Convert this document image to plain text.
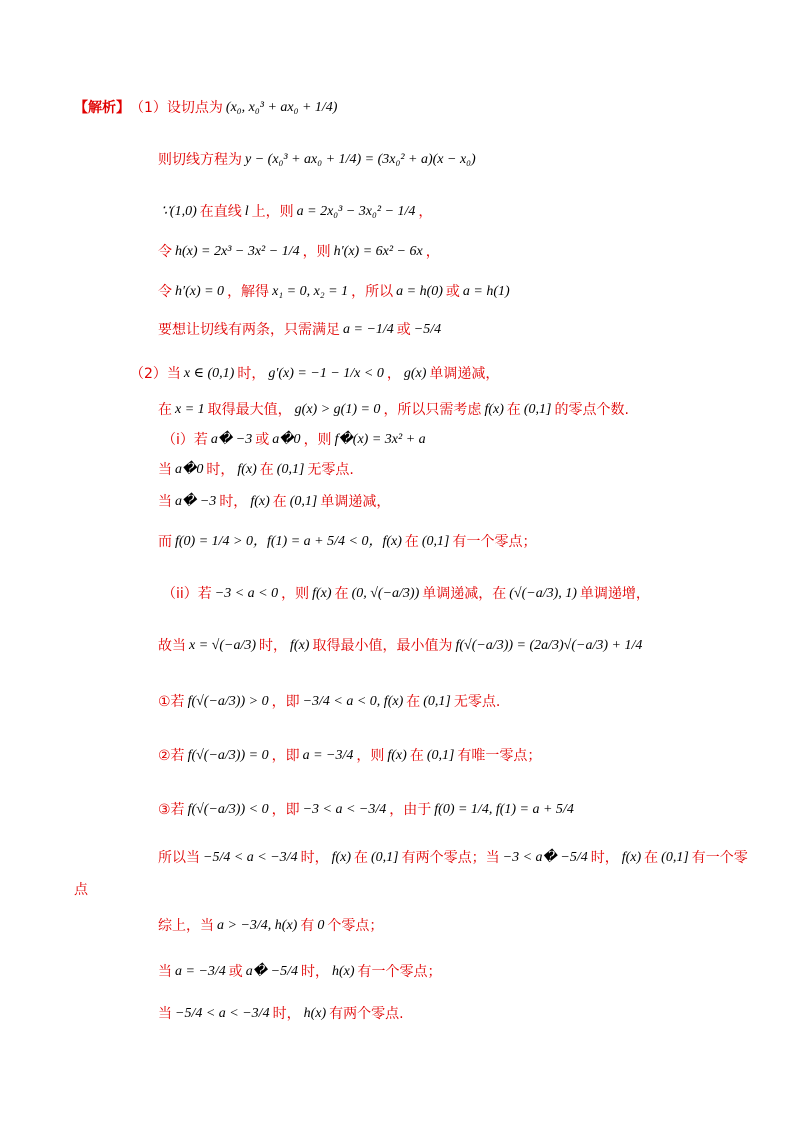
【解析】 （1）设切点为 (x₀, x₀³ + ax₀ + 1/4)
则切线方程为 y − (x₀³ + ax₀ + 1/4) = (3x₀² + a)(x − x₀)
∵(1,0) 在直线 l 上，则 a = 2x₀³ − 3x₀² − 1/4 ，
令 h(x) = 2x³ − 3x² − 1/4 ，则 h′(x) = 6x² − 6x ，
令 h′(x) = 0 ，解得 x₁ = 0, x₂ = 1 ，所以 a = h(0) 或 a = h(1)
要想让切线有两条，只需满足 a = −1/4 或 −5/4
（2）当 x ∈ (0,1) 时， g′(x) = −1 − 1/x < 0 ， g(x) 单调递减，
在 x = 1 取得最大值， g(x) > g(1) = 0 ，所以只需考虑 f(x) 在 (0,1] 的零点个数.
（i）若 a� −3 或 a�0 ，则 f�(x) = 3x² + a
当 a�0 时， f(x) 在 (0,1] 无零点.
当 a� −3 时， f(x) 在 (0,1] 单调递减，
而 f(0) = 1/4 > 0，f(1) = a + 5/4 < 0，f(x) 在 (0,1] 有一个零点；
（ii）若 −3 < a < 0 ，则 f(x) 在 (0, √(−a/3)) 单调递减，在 (√(−a/3), 1) 单调递增，
故当 x = √(−a/3) 时， f(x) 取得最小值，最小值为 f(√(−a/3)) = (2a/3)√(−a/3) + 1/4
①若 f(√(−a/3)) > 0 ，即 −3/4 < a < 0, f(x) 在 (0,1] 无零点.
②若 f(√(−a/3)) = 0 ，即 a = −3/4 ，则 f(x) 在 (0,1] 有唯一零点；
③若 f(√(−a/3)) < 0 ，即 −3 < a < −3/4 ，由于 f(0) = 1/4, f(1) = a + 5/4
所以当 −5/4 < a < −3/4 时， f(x) 在 (0,1] 有两个零点；当 −3 < a� −5/4 时， f(x) 在 (0,1] 有一个零
点
综上，当 a > −3/4, h(x) 有 0 个零点；
当 a = −3/4 或 a� −5/4 时， h(x) 有一个零点；
当 −5/4 < a < −3/4 时， h(x) 有两个零点.
